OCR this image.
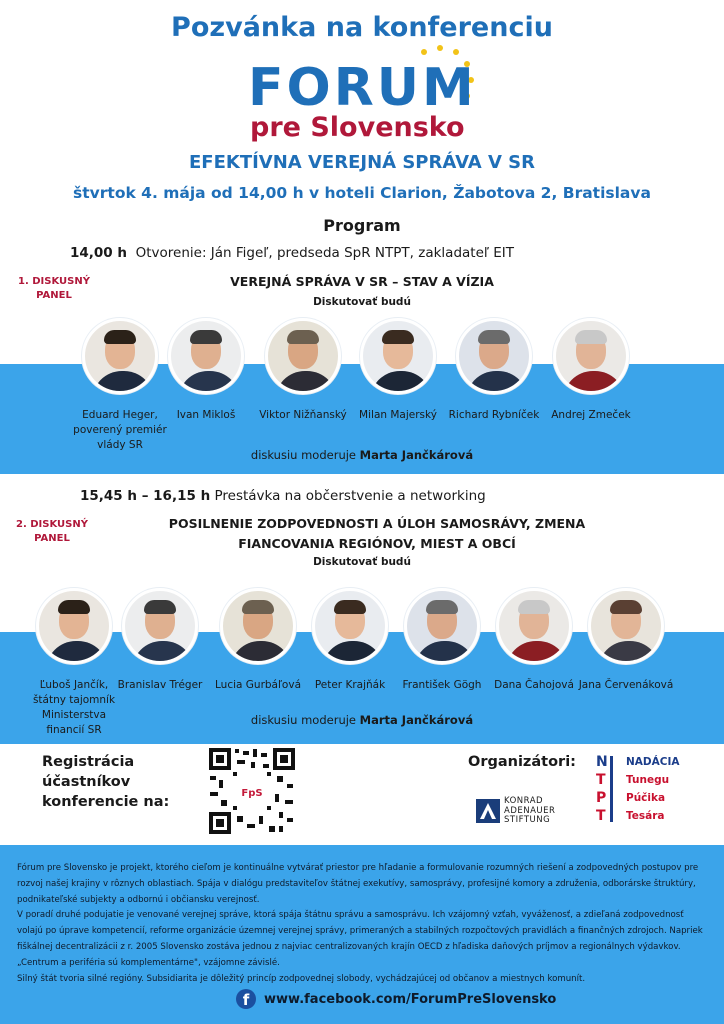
Pozvánka na konferenciu
FORUM
pre Slovensko
EFEKTÍVNA VEREJNÁ SPRÁVA V SR
štvrtok 4. mája od 14,00 h v hoteli Clarion, Žabotova 2, Bratislava
Program
14,00 h Otvorenie: Ján Figeľ, predseda SpR NTPT, zakladateľ EIT
1. DISKUSNÝ
PANEL
VEREJNÁ SPRÁVA V SR – STAV A VÍZIA
Diskutovať budú
Eduard Heger,
poverený premiér
vlády SR
Ivan Mikloš	Viktor Nižňanský	Milan Majerský	Richard Rybníček	Andrej Zmeček
diskusiu moderuje Marta Jančkárová
15,45 h – 16,15 h Prestávka na občerstvenie a networking
2. DISKUSNÝ
PANEL
POSILNENIE ZODPOVEDNOSTI A ÚLOH SAMOSRÁVY, ZMENA
FIANCOVANIA REGIÓNOV, MIEST A OBCÍ
Diskutovať budú
Ľuboš Jančík,
štátny tajomník
Ministerstva financií SR
Branislav Tréger	Lucia Gurbáľová	Peter Krajňák	František Gögh	Dana Čahojová Jana Červenáková
diskusiu moderuje Marta Jančkárová
Registrácia
účastníkov
konferencie na:
FpS
Organizátori:
KONRAD
ADENAUER
STIFTUNG
N NADÁCIA
T Tunegu
P Púčika
T Tesára
Fórum pre Slovensko je projekt, ktorého cieľom je kontinuálne vytvárať priestor pre hľadanie a formulovanie rozumných riešení a zodpovedných postupov pre rozvoj našej krajiny v rôznych oblastiach. Spája v dialógu predstaviteľov štátnej exekutívy, samosprávy, profesijné komory a združenia, odborárske štruktúry, podnikateľské subjekty a odbornú i občiansku verejnosť.
V poradí druhé podujatie je venované verejnej správe, ktorá spája štátnu správu a samosprávu. Ich vzájomný vzťah, vyváženosť, a zdieľaná zodpovednosť volajú po úprave kompetencií, reforme organizácie územnej verejnej správy, primeraných a stabilných rozpočtových pravidlách a finančných zdrojoch. Napriek fiškálnej decentralizácii z r. 2005 Slovensko zostáva jednou z najviac centralizovaných krajín OECD z hľadiska daňových príjmov a regionálnych výdavkov. „Centrum a periféria sú komplementárne", vzájomne závislé.
Silný štát tvoria silné regióny. Subsidiarita je dôležitý princíp zodpovednej slobody, vychádzajúcej od občanov a miestnych komunít.
f	www.facebook.com/ForumPreSlovensko
